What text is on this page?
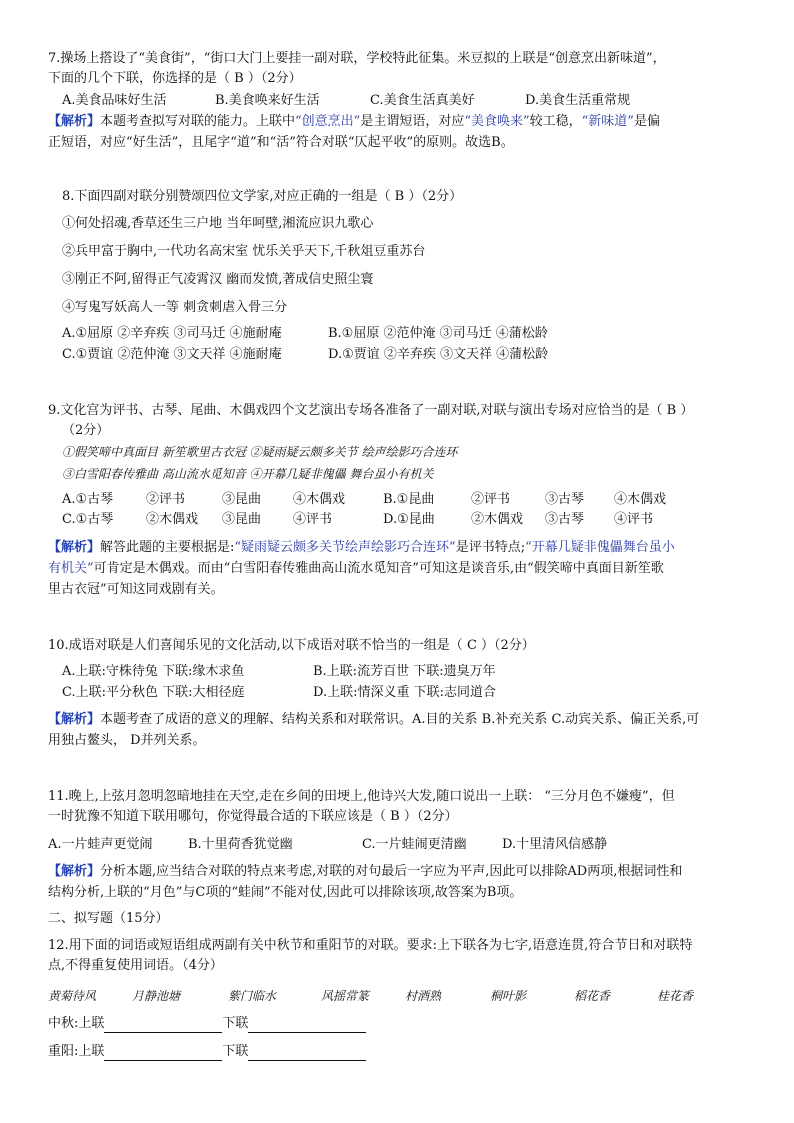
7.操场上搭设了“美食街”，“街口大门上要挂一副对联，学校特此征集。米豆拟的上联是“创意烹出新味道”，
下面的几个下联，你选择的是（ B ）（2分）
A.美食品味好生活	B.美食唤来好生活	C.美食生活真美好	D.美食生活重常规
【解析】本题考查拟写对联的能力。上联中“创意烹出”是主谓短语，对应“美食唤来”较工稳，“新味道”是偏
正短语，对应“好生活”，且尾字“道”和“活”符合对联“仄起平收”的原则。故选B。
8.下面四副对联分别赞颂四位文学家,对应正确的一组是（ B ）（2分）
①何处招魂,香草还生三户地 当年呵壁,湘流应识九歌心
②兵甲富于胸中,一代功名高宋室 忧乐关乎天下,千秋俎豆重苏台
③刚正不阿,留得正气凌霄汉 幽而发愤,著成信史照尘寰
④写鬼写妖高人一等 刺贪刺虐入骨三分
A.①屈原 ②辛弃疾 ③司马迁 ④施耐庵	B.①屈原 ②范仲淹 ③司马迁 ④蒲松龄
C.①贾谊 ②范仲淹 ③文天祥 ④施耐庵	D.①贾谊 ②辛弃疾 ③文天祥 ④蒲松龄
9.文化宫为评书、古琴、尾曲、木偶戏四个文艺演出专场各准备了一副对联,对联与演出专场对应恰当的是（ B ）
（2分）
①假笑啼中真面目 新笙歌里古衣冠 ②疑雨疑云颇多关节 绘声绘影巧合连环
③白雪阳春传雅曲 高山流水觅知音 ④开幕几疑非傀儡 舞台虽小有机关
A.①古琴	②评书	③昆曲 ④木偶戏	B.①昆曲	②评书	③古琴 ④木偶戏
C.①古琴	②木偶戏 ③昆曲 ④评书	D.①昆曲	②木偶戏 ③古琴 ④评书
【解析】解答此题的主要根据是:“疑雨疑云颇多关节绘声绘影巧合连环”是评书特点;“开幕几疑非傀儡舞台虽小
有机关”可肯定是木偶戏。而由“白雪阳春传雅曲高山流水觅知音”可知这是谈音乐,由“假笑啼中真面目新笙歌
里古衣冠”可知这同戏剧有关。
10.成语对联是人们喜闻乐见的文化活动,以下成语对联不恰当的一组是（ C ）（2分）
A.上联:守株待兔 下联:缘木求鱼	B.上联:流芳百世 下联:遗臭万年
C.上联:平分秋色 下联:大相径庭	D.上联:情深义重 下联:志同道合
【解析】本题考查了成语的意义的理解、结构关系和对联常识。A.目的关系 B.补充关系 C.动宾关系、偏正关系,可
用独占鳌头， D并列关系。
11.晚上,上弦月忽明忽暗地挂在天空,走在乡间的田埂上,他诗兴大发,随口说出一上联： “三分月色不嫌瘦”，但
一时犹豫不知道下联用哪句，你觉得最合适的下联应该是（ B ）（2分）
A.一片蛙声更觉闹	B.十里荷香犹觉幽	C.一片蛙闹更清幽	D.十里清风信感静
【解析】分析本题,应当结合对联的特点来考虑,对联的对句最后一字应为平声,因此可以排除AD两项,根据词性和
结构分析,上联的“月色”与C项的“蛙闹”不能对仗,因此可以排除该项,故答案为B项。
二、拟写题（15分）
12.用下面的词语或短语组成两副有关中秋节和重阳节的对联。要求:上下联各为七字,语意连贯,符合节日和对联特
点,不得重复使用词语。（4分）
黄菊待风	月静池塘	紫门临水	风摇常篆	村酒熟	桐叶影	稻花香	桂花香
中秋:上联	下联
重阳:上联	下联
